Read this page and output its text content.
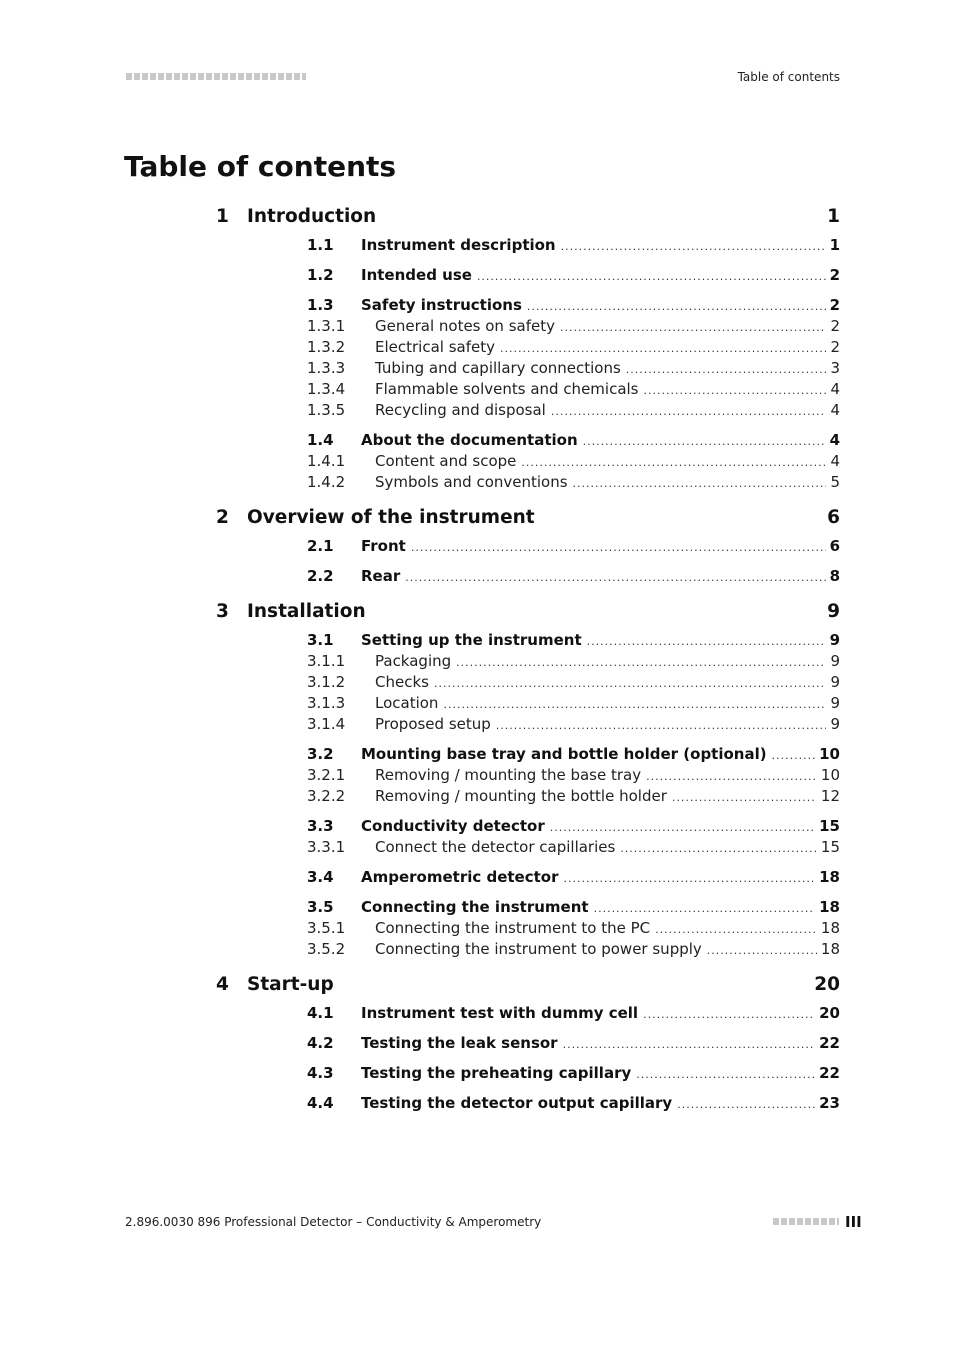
Table of contents
Table of contents
1 Introduction	1
1.1	Instrument description .....	1
1.2	Intended use .....	2
1.3	Safety instructions .....	2
1.3.1	General notes on safety .....	2
1.3.2	Electrical safety .....	2
1.3.3	Tubing and capillary connections .....	3
1.3.4	Flammable solvents and chemicals .....	4
1.3.5	Recycling and disposal .....	4
1.4	About the documentation .....	4
1.4.1	Content and scope .....	4
1.4.2	Symbols and conventions .....	5
2 Overview of the instrument	6
2.1	Front .....	6
2.2	Rear .....	8
3 Installation	9
3.1	Setting up the instrument .....	9
3.1.1	Packaging .....	9
3.1.2	Checks .....	9
3.1.3	Location .....	9
3.1.4	Proposed setup .....	9
3.2	Mounting base tray and bottle holder (optional) .....	10
3.2.1	Removing / mounting the base tray .....	10
3.2.2	Removing / mounting the bottle holder .....	12
3.3	Conductivity detector .....	15
3.3.1	Connect the detector capillaries .....	15
3.4	Amperometric detector .....	18
3.5	Connecting the instrument .....	18
3.5.1	Connecting the instrument to the PC .....	18
3.5.2	Connecting the instrument to power supply .....	18
4 Start-up	20
4.1	Instrument test with dummy cell .....	20
4.2	Testing the leak sensor .....	22
4.3	Testing the preheating capillary .....	22
4.4	Testing the detector output capillary .....	23
2.896.0030 896 Professional Detector – Conductivity & Amperometry	III
